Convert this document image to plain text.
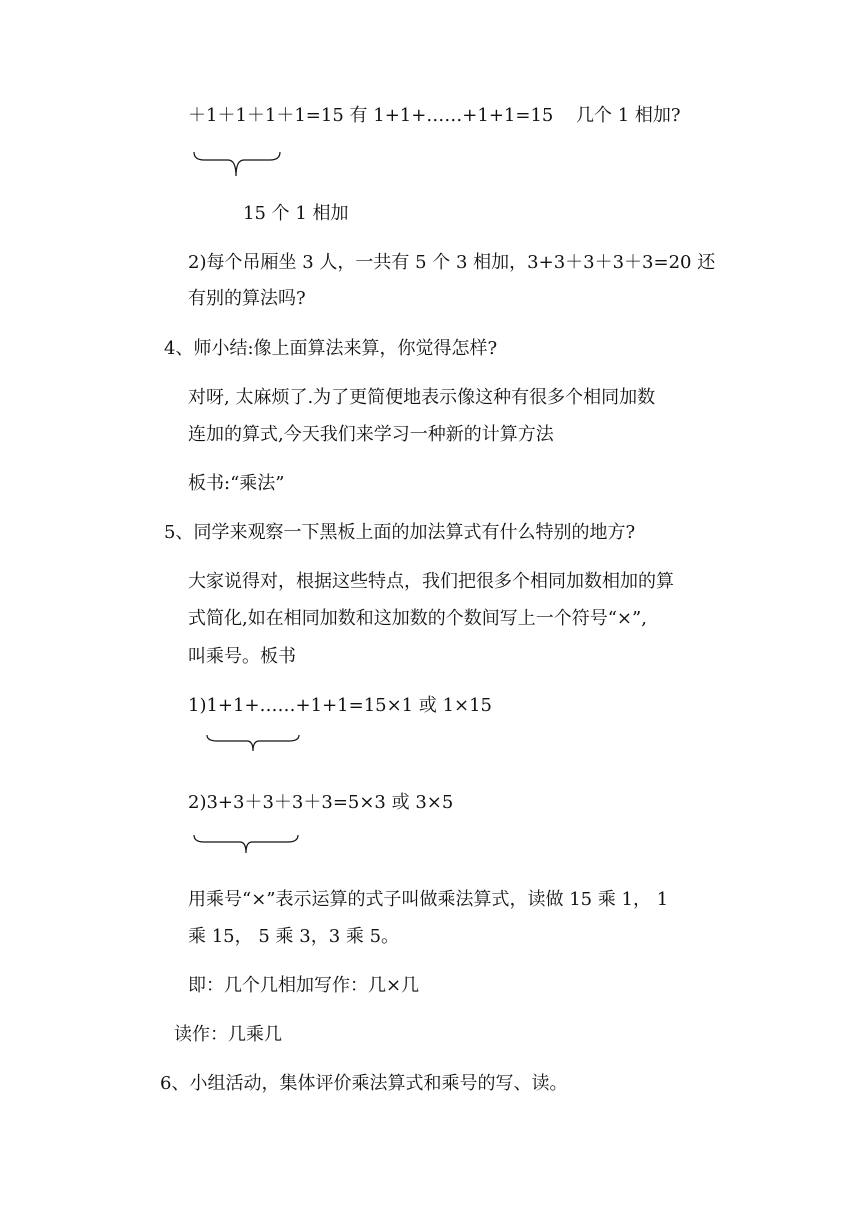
＋1＋1＋1＋1=15 有 1+1+……+1+1=15 几个 1 相加?
15 个 1 相加
2)每个吊厢坐 3 人，一共有 5 个 3 相加，3+3＋3＋3＋3=20 还
有别的算法吗?
4、师小结:像上面算法来算，你觉得怎样?
对呀, 太麻烦了.为了更简便地表示像这种有很多个相同加数
连加的算式,今天我们来学习一种新的计算方法
板书:“乘法”
5、同学来观察一下黑板上面的加法算式有什么特别的地方?
大家说得对，根据这些特点，我们把很多个相同加数相加的算
式简化,如在相同加数和这加数的个数间写上一个符号“×”,
叫乘号。板书
1)1+1+……+1+1=15×1 或 1×15
2)3+3＋3＋3＋3=5×3 或 3×5
用乘号“×”表示运算的式子叫做乘法算式，读做 15 乘 1， 1
乘 15， 5 乘 3，3 乘 5。
即：几个几相加写作：几×几
读作：几乘几
6、小组活动，集体评价乘法算式和乘号的写、读。
